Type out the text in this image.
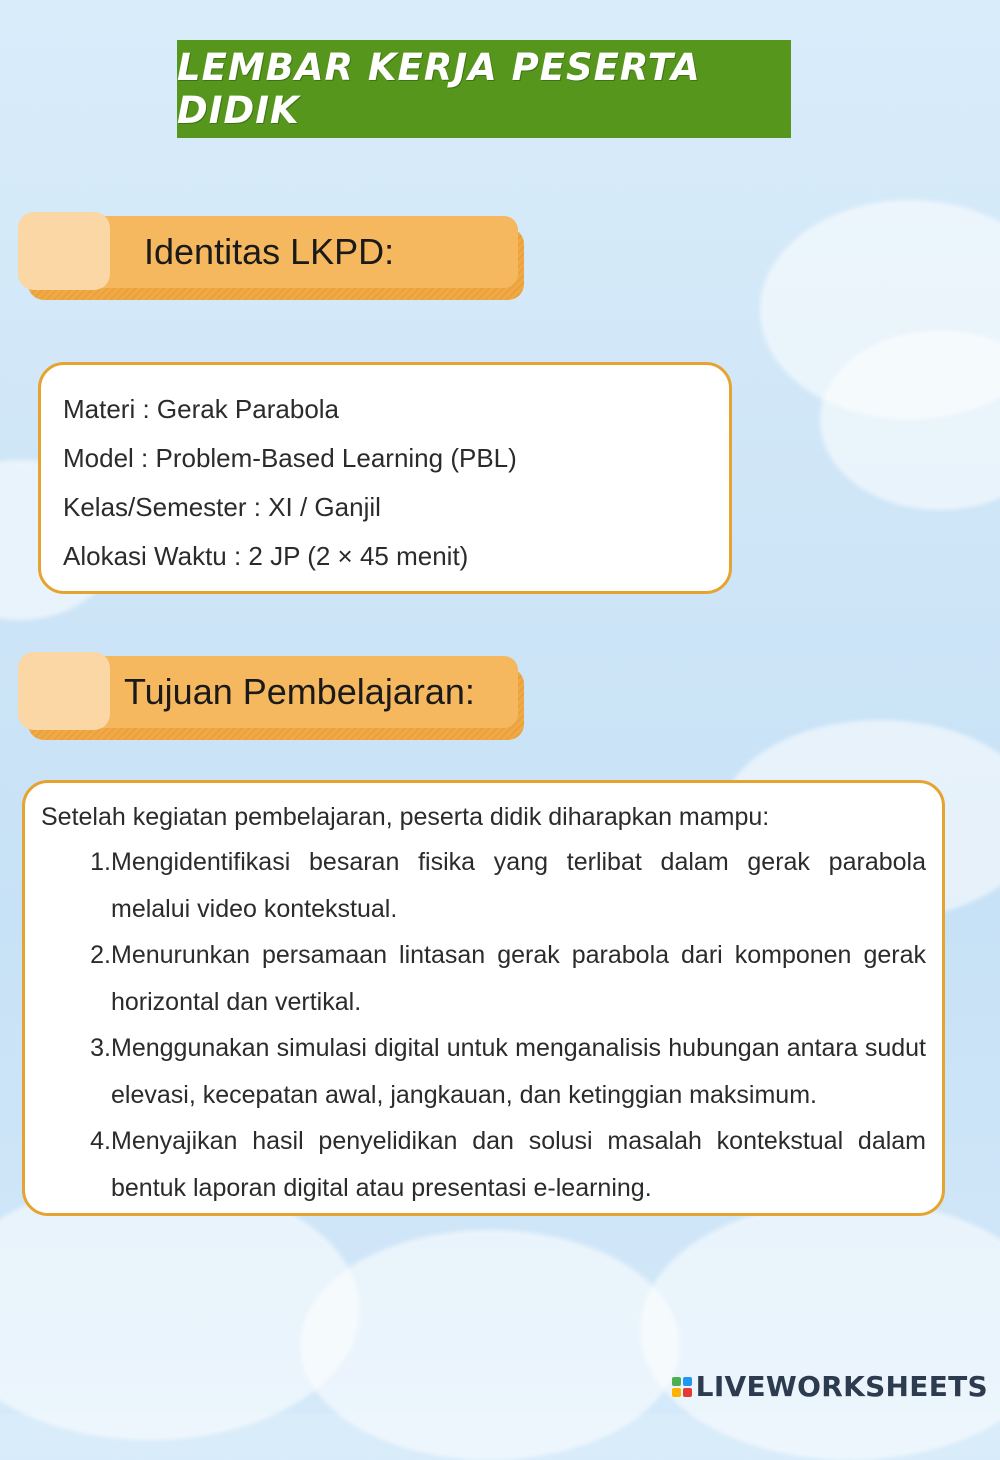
LEMBAR KERJA PESERTA DIDIK
Identitas LKPD:
Materi : Gerak Parabola
Model : Problem-Based Learning (PBL)
Kelas/Semester : XI / Ganjil
Alokasi Waktu : 2 JP (2 × 45 menit)
Tujuan Pembelajaran:
Setelah kegiatan pembelajaran, peserta didik diharapkan mampu:
1. Mengidentifikasi besaran fisika yang terlibat dalam gerak parabola melalui video kontekstual.
2. Menurunkan persamaan lintasan gerak parabola dari komponen gerak horizontal dan vertikal.
3. Menggunakan simulasi digital untuk menganalisis hubungan antara sudut elevasi, kecepatan awal, jangkauan, dan ketinggian maksimum.
4. Menyajikan hasil penyelidikan dan solusi masalah kontekstual dalam bentuk laporan digital atau presentasi e-learning.
LIVEWORKSHEETS
